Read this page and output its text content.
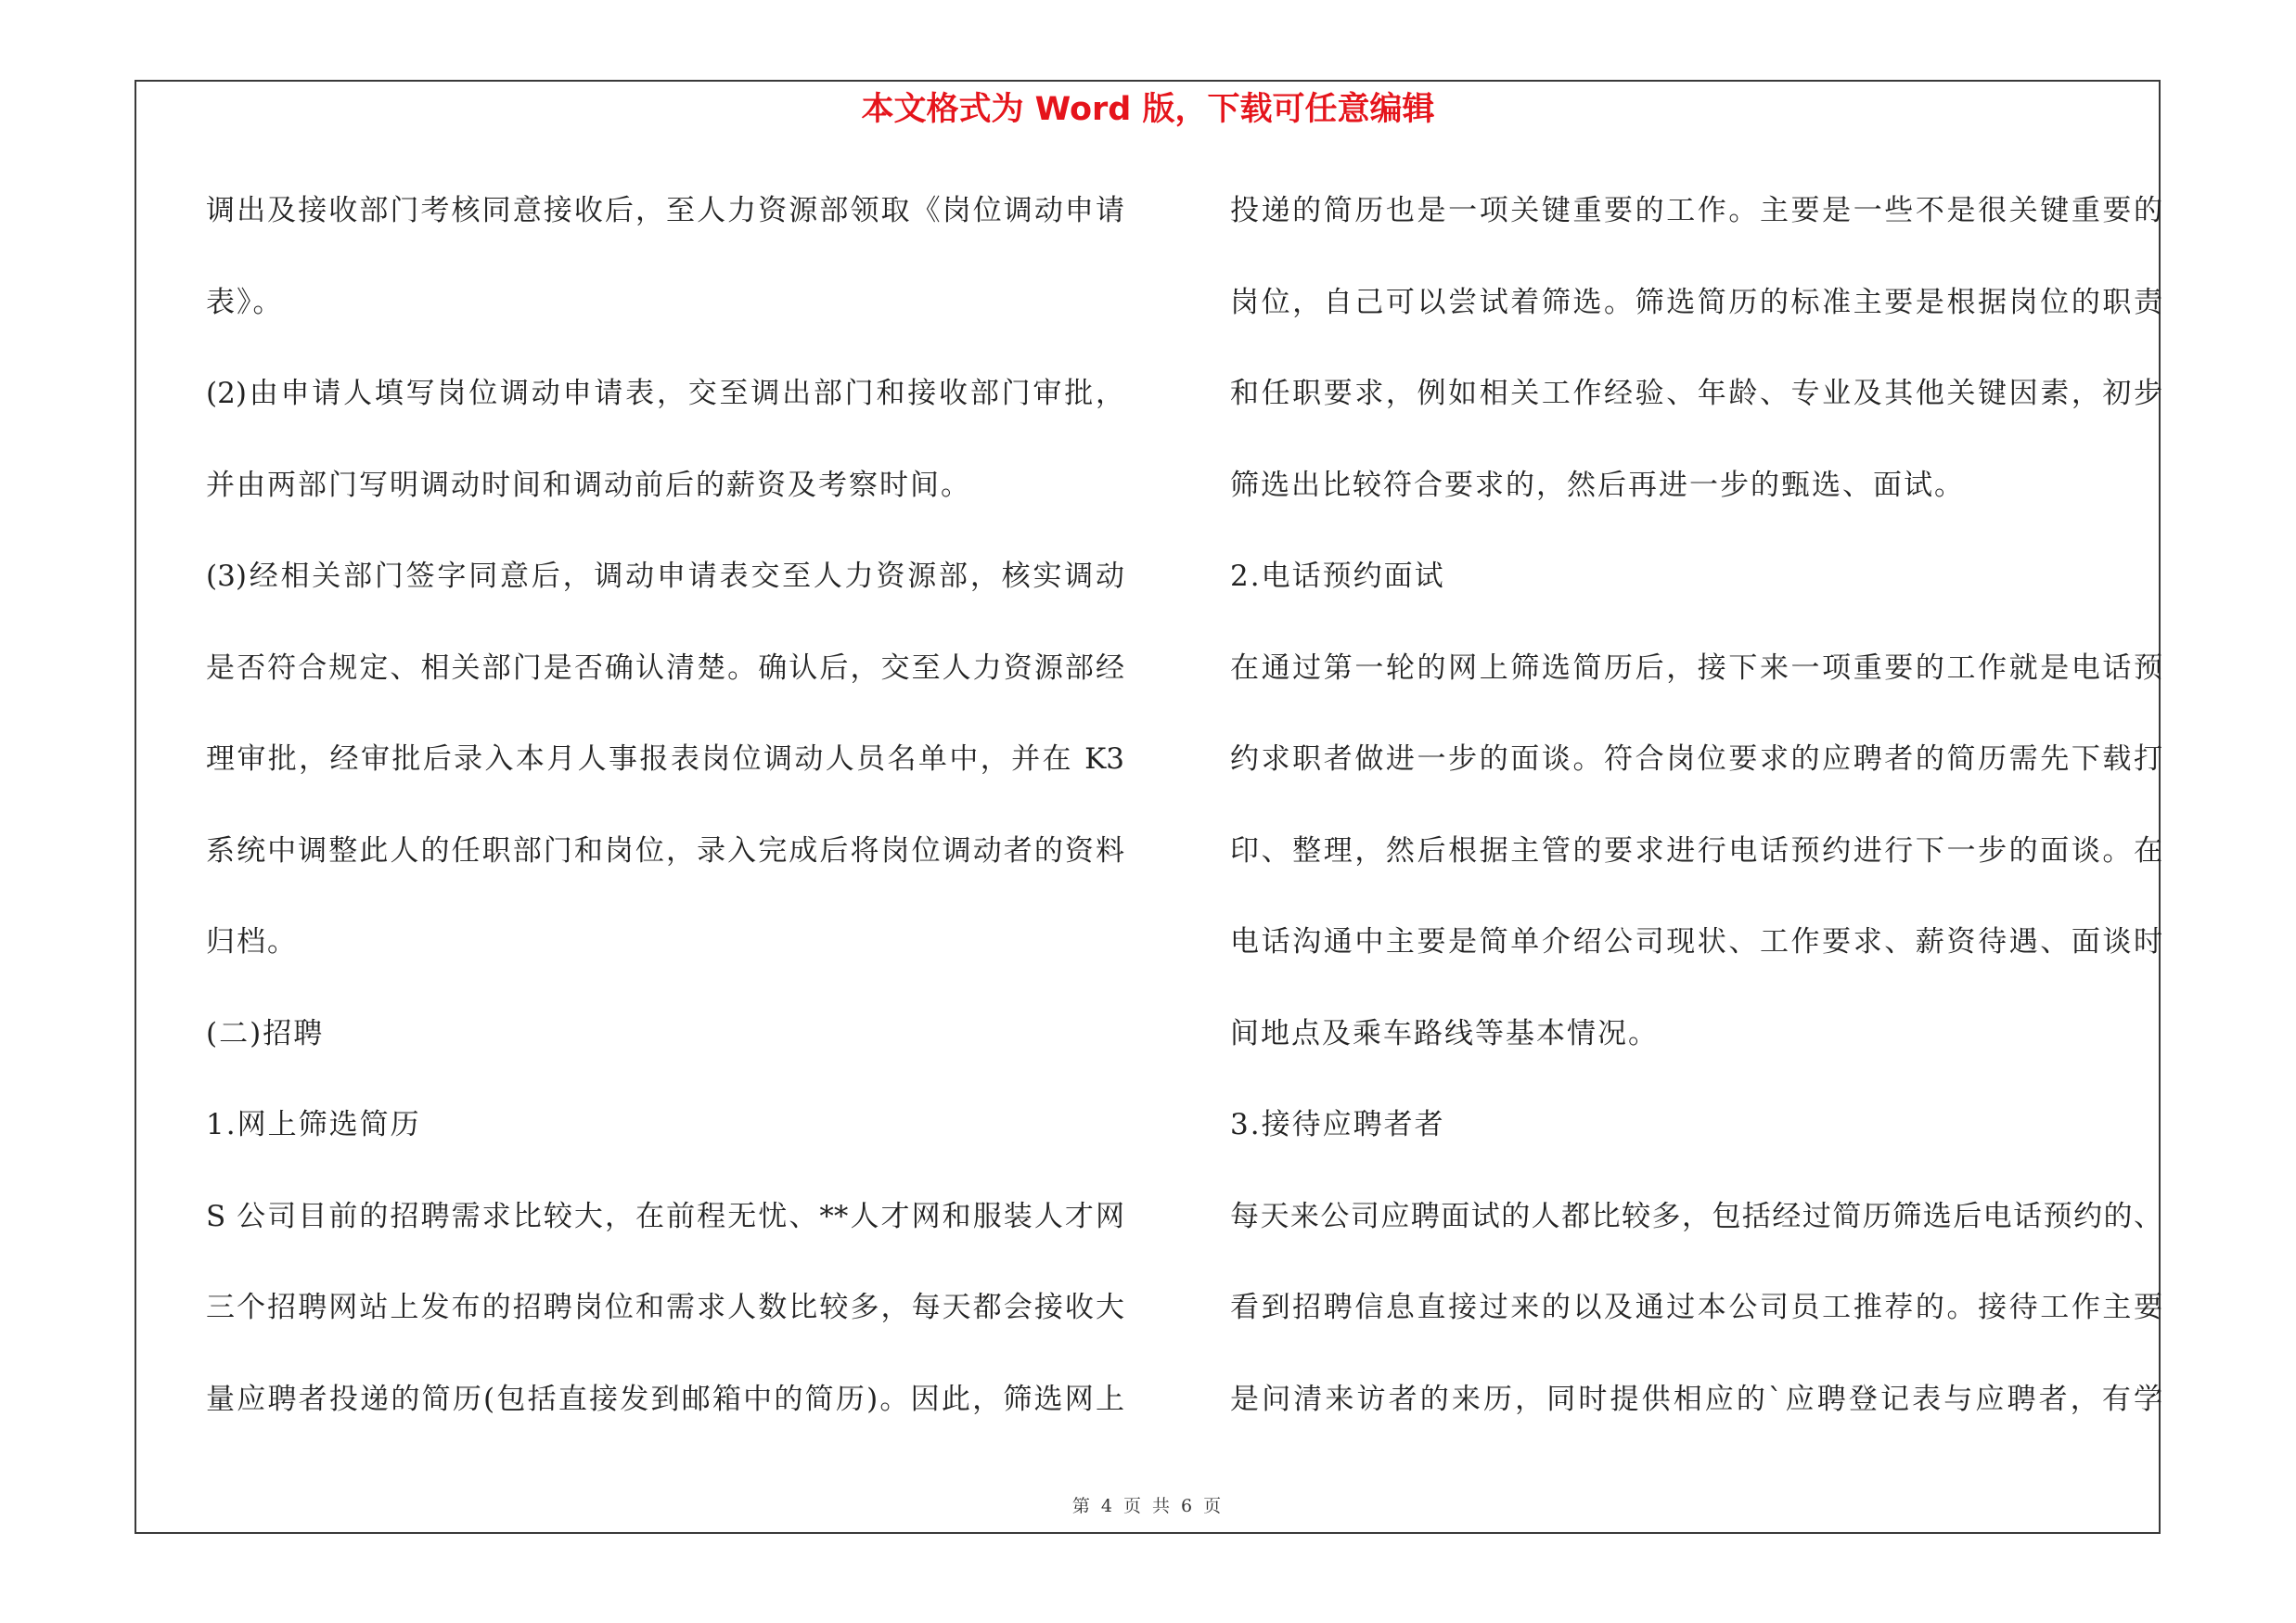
本文格式为 Word 版，下载可任意编辑
调出及接收部门考核同意接收后，至人力资源部领取《岗位调动申请
表》。
(2)由申请人填写岗位调动申请表，交至调出部门和接收部门审批，
并由两部门写明调动时间和调动前后的薪资及考察时间。
(3)经相关部门签字同意后，调动申请表交至人力资源部，核实调动
是否符合规定、相关部门是否确认清楚。确认后，交至人力资源部经
理审批，经审批后录入本月人事报表岗位调动人员名单中，并在 K3
系统中调整此人的任职部门和岗位，录入完成后将岗位调动者的资料
归档。
(二)招聘
1.网上筛选简历
S 公司目前的招聘需求比较大，在前程无忧、**人才网和服装人才网
三个招聘网站上发布的招聘岗位和需求人数比较多，每天都会接收大
量应聘者投递的简历(包括直接发到邮箱中的简历)。因此，筛选网上
投递的简历也是一项关键重要的工作。主要是一些不是很关键重要的
岗位，自己可以尝试着筛选。筛选简历的标准主要是根据岗位的职责
和任职要求，例如相关工作经验、年龄、专业及其他关键因素，初步
筛选出比较符合要求的，然后再进一步的甄选、面试。
2.电话预约面试
在通过第一轮的网上筛选简历后，接下来一项重要的工作就是电话预
约求职者做进一步的面谈。符合岗位要求的应聘者的简历需先下载打
印、整理，然后根据主管的要求进行电话预约进行下一步的面谈。在
电话沟通中主要是简单介绍公司现状、工作要求、薪资待遇、面谈时
间地点及乘车路线等基本情况。
3.接待应聘者者
每天来公司应聘面试的人都比较多，包括经过简历筛选后电话预约的、
看到招聘信息直接过来的以及通过本公司员工推荐的。接待工作主要
是问清来访者的来历，同时提供相应的`应聘登记表与应聘者，有学
第 4 页 共 6 页
